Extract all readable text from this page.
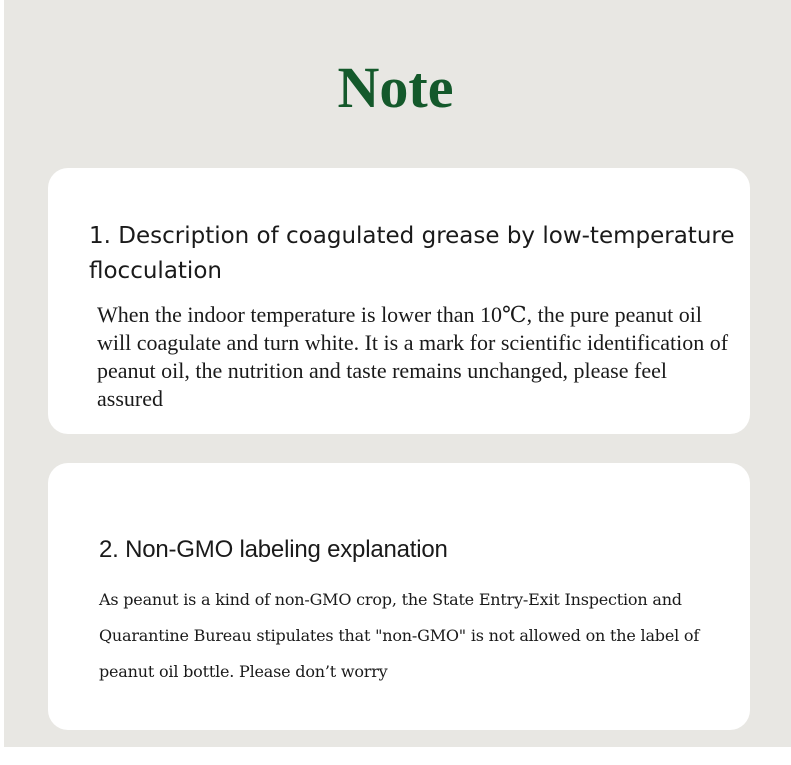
Note
1. Description of coagulated grease by low-temperature flocculation

When the indoor temperature is lower than 10℃, the pure peanut oil will coagulate and turn white. It is a mark for scientific identification of peanut oil, the nutrition and taste remains unchanged, please feel assured

2. Non-GMO labeling explanation

As peanut is a kind of non-GMO crop, the State Entry-Exit Inspection and Quarantine Bureau stipulates that "non-GMO" is not allowed on the label of peanut oil bottle. Please don’t worry
